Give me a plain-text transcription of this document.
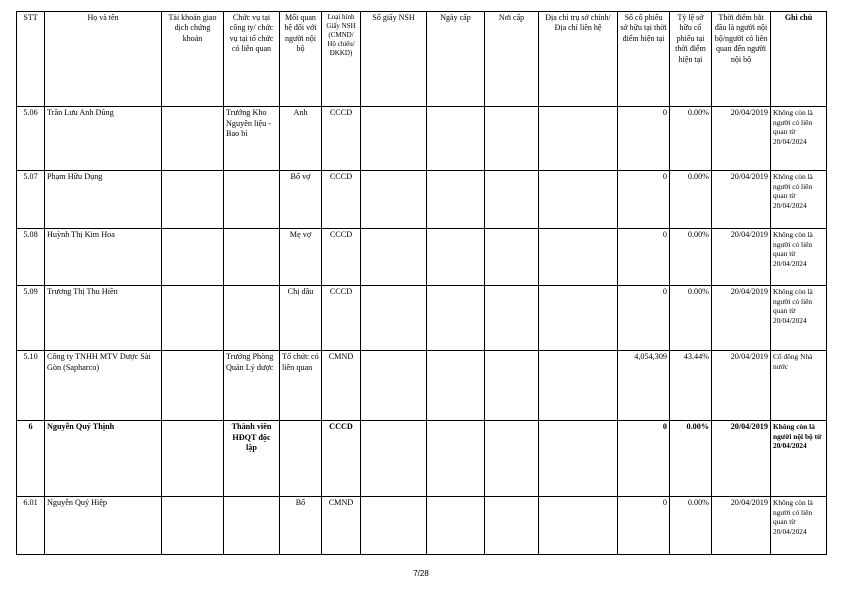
STT	Họ và tên	Tài khoản giao dịch chứng khoán	Chức vụ tại công ty/ chức vụ tại tổ chức có liên quan	Mối quan hệ đối với người nội bộ	Loại hình Giấy NSH (CMND/ Hộ chiếu/ ĐKKD)	Số giấy NSH	Ngày cấp	Nơi cấp	Địa chỉ trụ sở chính/Địa chỉ liên hệ	Số cổ phiếu sở hữu tại thời điểm hiện tại	Tỷ lệ sở hữu cổ phiếu tại thời điểm hiện tại	Thời điểm bắt đầu là người nội bộ/người có liên quan đến người nội bộ	Ghi chú
5.06	Trần Lưu Anh Dũng		Trưởng Kho Nguyên liệu - Bao bì	Anh	CCCD					0	0.00%	20/04/2019	Không còn là người có liên quan từ 20/04/2024
5.07	Phạm Hữu Dụng			Bố vợ	CCCD					0	0.00%	20/04/2019	Không còn là người có liên quan từ 20/04/2024
5.08	Huỳnh Thị Kim Hoa			Mẹ vợ	CCCD					0	0.00%	20/04/2019	Không còn là người có liên quan từ 20/04/2024
5.09	Trương Thị Thu Hiền			Chị dâu	CCCD					0	0.00%	20/04/2019	Không còn là người có liên quan từ 20/04/2024
5.10	Công ty TNHH MTV Dược Sài Gòn (Sapharco)		Trưởng Phòng Quản Lý dược	Tổ chức có liên quan	CMND					4,054,309	43.44%	20/04/2019	Cổ đông Nhà nước
6	Nguyễn Quý Thịnh		Thành viên HĐQT độc lập		CCCD					0	0.00%	20/04/2019	Không còn là người nội bộ từ 20/04/2024
6.01	Nguyễn Quý Hiệp			Bố	CMND					0	0.00%	20/04/2019	Không còn là người có liên quan từ 20/04/2024
7/28
